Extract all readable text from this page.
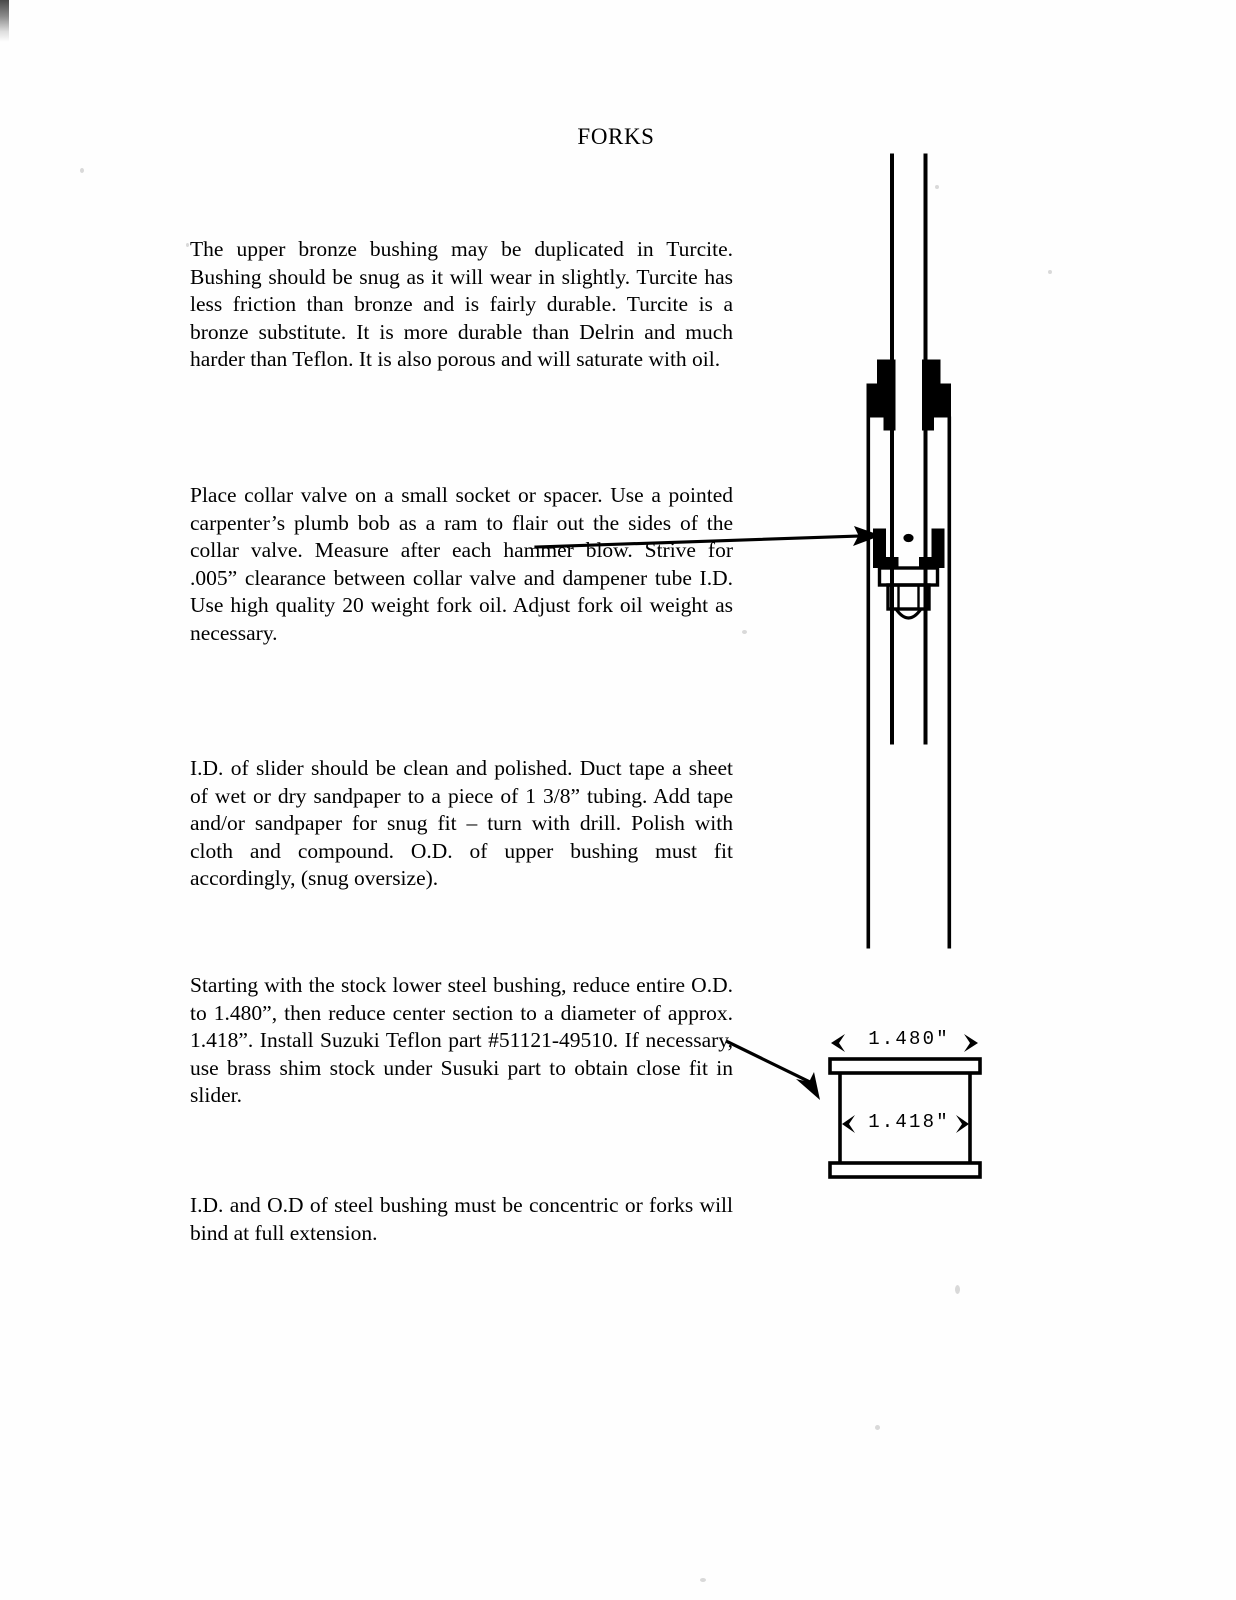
FORKS
The upper bronze bushing may be duplicated in Turcite. Bushing should be snug as it will wear in slightly. Turcite has less friction than bronze and is fairly durable. Turcite is a bronze substitute. It is more durable than Delrin and much harder than Teflon. It is also porous and will saturate with oil.
Place collar valve on a small socket or spacer. Use a pointed carpenter’s plumb bob as a ram to flair out the sides of the collar valve. Measure after each hammer blow. Strive for .005” clearance between collar valve and dampener tube I.D. Use high quality 20 weight fork oil. Adjust fork oil weight as necessary.
I.D. of slider should be clean and polished. Duct tape a sheet of wet or dry sandpaper to a piece of 1 3/8” tubing. Add tape and/or sandpaper for snug fit – turn with drill. Polish with cloth and compound. O.D. of upper bushing must fit accordingly, (snug oversize).
Starting with the stock lower steel bushing, reduce entire O.D. to 1.480”, then reduce center section to a diameter of approx. 1.418”. Install Suzuki Teflon part #51121-49510. If necessary, use brass shim stock under Susuki part to obtain close fit in slider.
I.D. and O.D of steel bushing must be concentric or forks will bind at full extension.
1.480"
1.418"
